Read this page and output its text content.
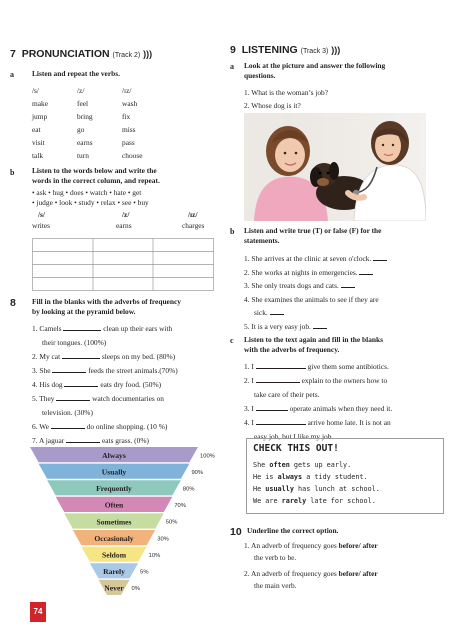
7 PRONUNCIATION (Track 2) )))
a Listen and repeat the verbs.
/s/	/z/	/ɪz/
make	feel	wash
jump	bring	fix
eat	go	miss
visit	earns	pass
talk	turn	choose
b Listen to the words below and write the
words in the correct column, and repeat.
• ask • hug • does • watch • hate • get
• judge • look • study • relax • see • buy
/s/	/z/	/ɪz/
writes	earns	charges
8 Fill in the blanks with the adverbs of frequency
by looking at the pyramid below.
1. Camels	clean up their ears with
their tongues. (100%)
2. My cat	sleeps on my bed. (80%)
3. She	feeds the street animals.(70%)
4. His dog	eats dry food. (50%)
5. They	watch documentaries on
television. (30%)
6. We	do online shopping. (10 %)
7. A jaguar	eats grass. (0%)
Always	100%
Usually	90%
Frequently	80%
Often	70%
Sometimes	50%
Occasionaly	30%
Seldom	10%
Rarely	5%
Never 0%
9 LISTENING (Track 3) )))
a Look at the picture and answer the following
questions.
1. What is the woman’s job?
2. Whose dog is it?
b Listen and write true (T) or false (F) for the
statements.
1. She arrives at the clinic at seven o'clock.
2. She works at nights in emergencies.
3. She only treats dogs and cats.
4. She examines the animals to see if they are
sick.
5. It is a very easy job.
c Listen to the text again and fill in the blanks
with the adverbs of frequency.
1. I	give them some antibiotics.
2. I	explain to the owners how to
take care of their pets.
3. I	operate animals when they need it.
4. I	arrive home late. It is not an
easy job, but I like my job.
CHECK THIS OUT!
She often gets up early.
He is always a tidy student.
He usually has lunch at school.
We are rarely late for school.
10 Underline the correct option.
1. An adverb of frequency goes before/ after
the verb to be.
2. An adverb of frequency goes before/ after
the main verb.
74
